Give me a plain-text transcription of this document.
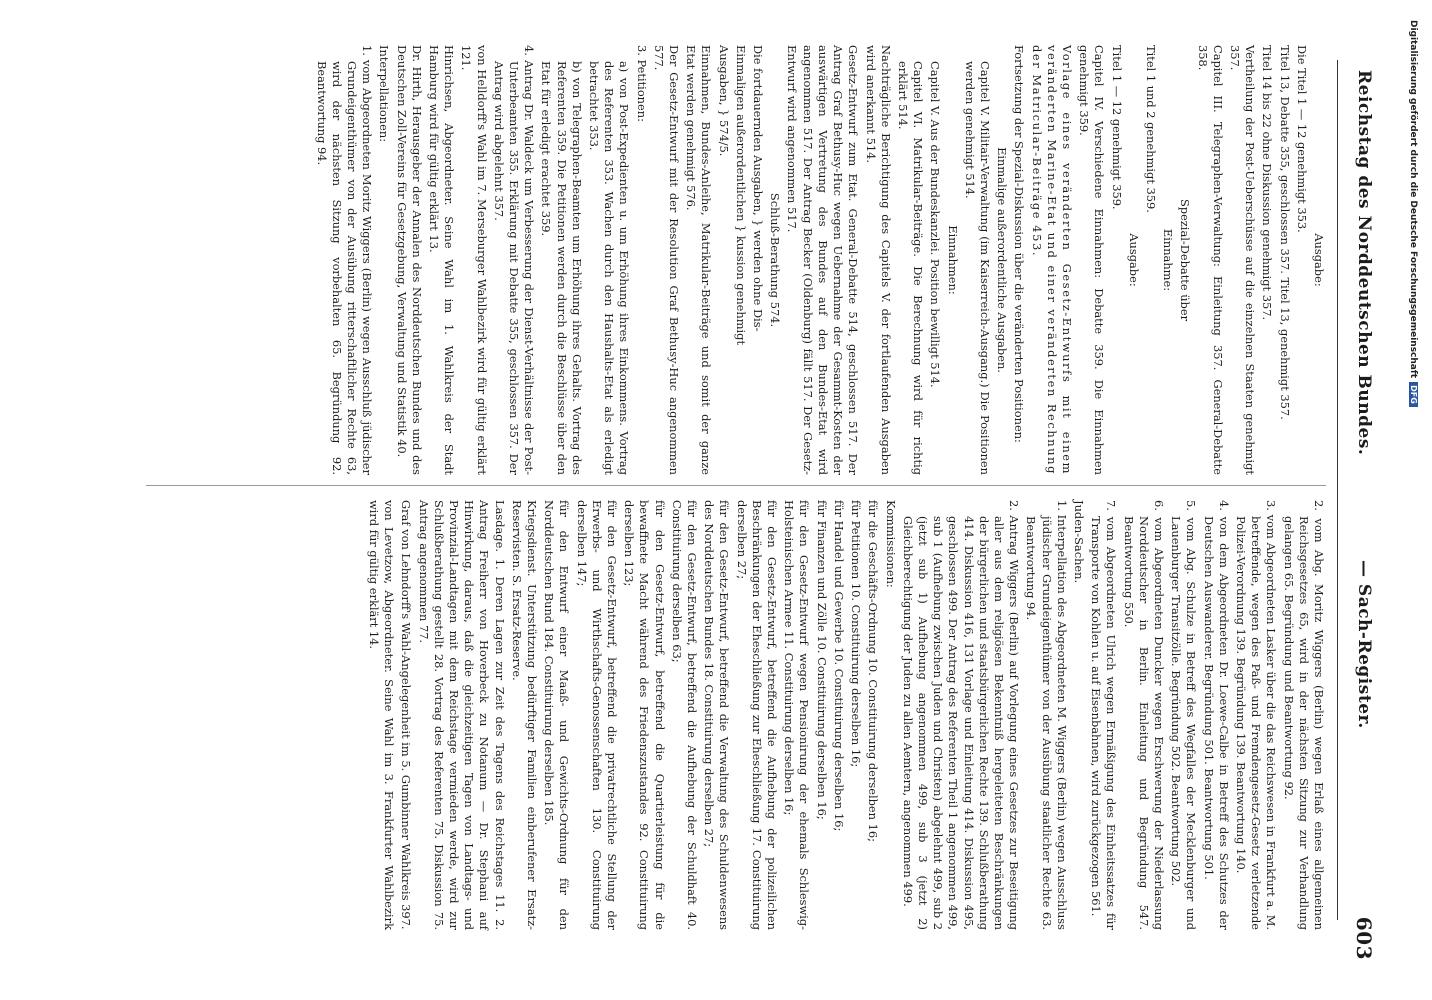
Reichstag des Norddeutschen Bundes.
— Sach-Register.
603

Ausgabe:

Die Titel 1 — 12 genehmigt 353.

Titel 13, Debatte 355, geschlossen 357. Titel 13, genehmigt 357.

Titel 14 bis 22 ohne Diskussion genehmigt 357.

Vertheilung der Post-Ueberschüsse auf die einzelnen Staaten genehmigt 357.

Capitel III. Telegraphen-Verwaltung: Einleitung 357. General-Debatte 358.

Spezial-Debatte über

Einnahme:

Titel 1 und 2 genehmigt 359.

Ausgabe:

Titel 1 — 12 genehmigt 359.

Capitel IV. Verschiedene Einnahmen: Debatte 359. Die Einnahmen genehmigt 359.

Vorlage eines veränderten Gesetz-Entwurfs mit einem veränderten Marine-Etat und einer veränderten Rechnung der Matricular-Beiträge 453.

Fortsetzung der Spezial-Diskussion über die veränderten Positionen:

Einmalige außerordentliche Ausgaben.

Capitel V. Militair-Verwaltung (im Kaiserreich-Ausgang.) Die Positionen werden genehmigt 514.

Einnahmen:

Capitel V. Aus der Bundeskanzlei. Position bewilligt 514.

Capitel VI. Matrikular-Beiträge. Die Berechnung wird für richtig erklärt 514.

Nachträgliche Berichtigung des Capitels V. der fortlaufenden Ausgaben wird anerkannt 514.

Gesetz-Entwurf zum Etat. General-Debatte 514, geschlossen 517. Der Antrag Graf Bethusy-Huc wegen Uebernahme der Gesammt-Kosten der auswärtigen Vertretung des Bundes auf den Bundes-Etat wird angenommen 517. Der Antrag Becker (Oldenburg) fällt 517. Der Gesetz-Entwurf wird angenommen 517.

Schluß-Berathung 574.

Die fortdauernden Ausgaben, } werden ohne Dis-

Einmaligen außerordentlichen } kussion genehmigt

Ausgaben, } 574/5.

Einnahmen, Bundes-Anleihe, Matrikular-Beiträge und somit der ganze Etat werden genehmigt 576.

Der Gesetz-Entwurf mit der Resolution Graf Bethusy-Huc angenommen 577.

3. Petitionen:

a) von Post-Expedienten u. um Erhöhung ihres Einkommens. Vortrag des Referenten 353. Wachen durch den Haushalts-Etat als erledigt betrachtet 353.

b) von Telegraphen-Beamten um Erhöhung ihres Gehalts. Vortrag des Referenten 359. Die Petitionen werden durch die Beschlüsse über den Etat für erledigt erachtet 359.

4. Antrag Dr. Waldeck um Verbesserung der Dienst-Verhältnisse der Post-Unterbeamten 355. Erklärung mit Debatte 355, geschlossen 357. Der Antrag wird abgelehnt 357.

von Helldorff's Wahl im 7. Merseburger Wahlbezirk wird für gültig erklärt 121.

Hinrichsen, Abgeordneter. Seine Wahl im 1. Wahlkreis der Stadt Hamburg wird für gültig erklärt 13.

Dr. Hirth, Herausgeber der Annalen des Norddeutschen Bundes und des Deutschen Zoll-Vereins für Gesetzgebung, Verwaltung und Statistik 40.

Interpellationen:

1. vom Abgeordneten Moritz Wiggers (Berlin) wegen Ausschluß jüdischer Grundeigenthümer von der Ausübung ritterschaftlicher Rechte 63, wird der nächsten Sitzung vorbehalten 65. Begründung 92. Beantwortung 94.

2. vom Abg. Moritz Wiggers (Berlin) wegen Erlaß eines allgemeinen Reichsgesetzes 65, wird in der nächsten Sitzung zur Verhandlung gelangen 65. Begründung und Beantwortung 92.

3. vom Abgeordneten Lasker über die das Reichswesen in Frankfurt a. M. betreffende, wegen des Paß- und Fremdengesetz-Gesetz verletzende Polizei-Verordnung 139. Begründung 139. Beantwortung 140.

4. von dem Abgeordneten Dr. Loewe-Calbe in Betreff des Schutzes der Deutschen Auswanderer. Begründung 501. Beantwortung 501.

5. vom Abg. Schulze in Betreff des Wegfalles der Mecklenburger und Lauenburger Transitzölle. Begründung 502. Beantwortung 502.

6. vom Abgeordneten Duncker wegen Erschwerung der Niederlassung Norddeutscher in Berlin. Einleitung und Begründung 547. Beantwortung 550.

7. vom Abgeordneten Ulrich wegen Ermäßigung des Einheitssatzes für Transporte von Kohlen u. auf Eisenbahnen, wird zurückgezogen 561.

Juden-Sachen.

1. Interpellation des Abgeordneten M. Wiggers (Berlin) wegen Ausschluss jüdischer Grundeigenthümer von der Ausübung staatlicher Rechte 63. Beantwortung 94.

2. Antrag Wiggers (Berlin) auf Vorlegung eines Gesetzes zur Beseitigung aller aus dem religiösen Bekenntniß hergeleiteten Beschränkungen der bürgerlichen und staatsbürgerlichen Rechte 139. Schlußberathung 414. Diskussion 416, 131 Vorlage und Einleitung 414. Diskussion 495, geschlossen 499. Der Antrag des Referenten Theil 1 angenommen 499, sub 1 (Aufhebung zwischen Juden und Christen) abgelehnt 499, sub 2 (jetzt sub 1) Aufhebung angenommen 499, sub 3 (jetzt 2) Gleichberechtigung der Juden zu allen Aemtern, angenommen 499.

Kommissionen:

für die Geschäfts-Ordnung 10. Constituirung derselben 16;

für Petitionen 10. Constituirung derselben 16;

für Handel und Gewerbe 10. Constituirung derselben 16;

für Finanzen und Zölle 10. Constituirung derselben 16;

für den Gesetz-Entwurf wegen Pensionirung der ehemals Schleswig-Holsteinischen Armee 11. Constituirung derselben 16;

für den Gesetz-Entwurf, betreffend die Aufhebung der polizeilichen Beschränkungen der Eheschließung zur Eheschließung 17. Constituirung derselben 27;

für den Gesetz-Entwurf, betreffend die Verwaltung des Schuldenwesens des Norddeutschen Bundes 18. Constituirung derselben 27;

für den Gesetz-Entwurf, betreffend die Aufhebung der Schuldhaft 40. Constituirung derselben 63;

für den Gesetz-Entwurf, betreffend die Quartierleistung für die bewaffnete Macht während des Friedenszustandes 92. Constituirung derselben 123;

für den Gesetz-Entwurf, betreffend die privatrechtliche Stellung der Erwerbs- und Wirthschafts-Genossenschaften 130. Constituirung derselben 147;

für den Entwurf einer Maaß- und Gewichts-Ordnung für den Norddeutschen Bund 184. Constituirung derselben 185.

Kriegsdienst. Unterstützung bedürftiger Familien einberufener Ersatz-Reservisten. S. Ersatz-Reserve.

Lasdage. 1. Deren Lagen zur Zeit des Tagens des Reichstages 11. 2. Antrag Freiherr von Hoverbeck zu Notanum — Dr. Stephani auf Hinwirkung, daraus, daß die gleichzeitigen Tagen von Landtags- und Provinzial-Landtagen mit dem Reichstage vermieden werde, wird zur Schlußberathung gestellt 28. Vortrag des Referenten 75. Diskussion 75. Antrag angenommen 77.

Graf von Lehndorff's Wahl-Angelegenheit im 5. Gumbinner Wahlkreis 397.

von Levetzow, Abgeordneter. Seine Wahl im 3. Frankfurter Wahlbezirk wird für gültig erklärt 14.

Digitalisierung gefördert durch die Deutsche ForschungsgemeinschaftDFG
